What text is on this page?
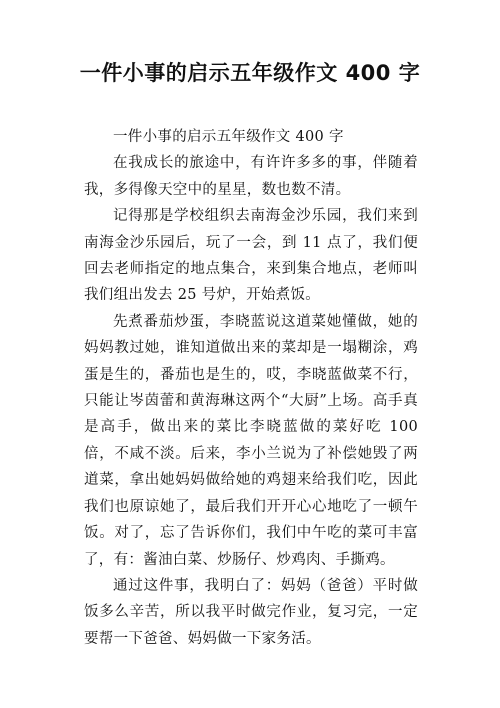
一件小事的启示五年级作文 400 字

一件小事的启示五年级作文 400 字

在我成长的旅途中，有许许多多的事，伴随着我，多得像天空中的星星，数也数不清。

记得那是学校组织去南海金沙乐园，我们来到南海金沙乐园后，玩了一会，到 11 点了，我们便回去老师指定的地点集合，来到集合地点，老师叫我们组出发去 25 号炉，开始煮饭。

先煮番茄炒蛋，李晓蓝说这道菜她懂做，她的妈妈教过她，谁知道做出来的菜却是一塌糊涂，鸡蛋是生的，番茄也是生的，哎，李晓蓝做菜不行，只能让岑茵蕾和黄海琳这两个“大厨”上场。高手真是高手，做出来的菜比李晓蓝做的菜好吃 100 倍，不咸不淡。后来，李小兰说为了补偿她毁了两道菜，拿出她妈妈做给她的鸡翅来给我们吃，因此我们也原谅她了，最后我们开开心心地吃了一顿午饭。对了，忘了告诉你们，我们中午吃的菜可丰富了，有：酱油白菜、炒肠仔、炒鸡肉、手撕鸡。

通过这件事，我明白了：妈妈（爸爸）平时做饭多么辛苦，所以我平时做完作业，复习完，一定要帮一下爸爸、妈妈做一下家务活。
